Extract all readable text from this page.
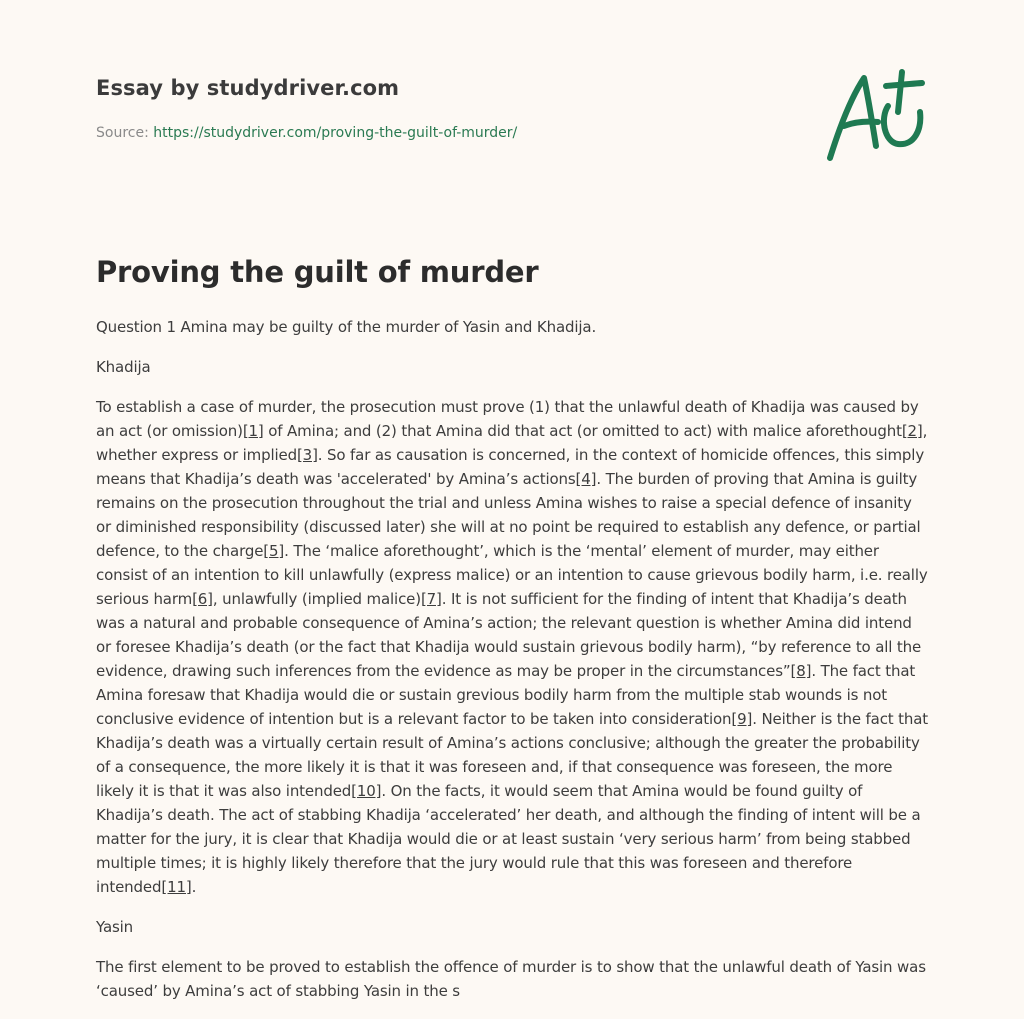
Essay by studydriver.com
Source: https://studydriver.com/proving-the-guilt-of-murder/
Proving the guilt of murder

Question 1 Amina may be guilty of the murder of Yasin and Khadija.

Khadija

To establish a case of murder, the prosecution must prove (1) that the unlawful death of Khadija was caused by an act (or omission)[1] of Amina; and (2) that Amina did that act (or omitted to act) with malice aforethought[2], whether express or implied[3]. So far as causation is concerned, in the context of homicide offences, this simply means that Khadija’s death was 'accelerated' by Amina’s actions[4]. The burden of proving that Amina is guilty remains on the prosecution throughout the trial and unless Amina wishes to raise a special defence of insanity or diminished responsibility (discussed later) she will at no point be required to establish any defence, or partial defence, to the charge[5]. The ‘malice aforethought’, which is the ‘mental’ element of murder, may either consist of an intention to kill unlawfully (express malice) or an intention to cause grievous bodily harm, i.e. really serious harm[6], unlawfully (implied malice)[7]. It is not sufficient for the finding of intent that Khadija’s death was a natural and probable consequence of Amina’s action; the relevant question is whether Amina did intend or foresee Khadija’s death (or the fact that Khadija would sustain grievous bodily harm), “by reference to all the evidence, drawing such inferences from the evidence as may be proper in the circumstances”[8]. The fact that Amina foresaw that Khadija would die or sustain grevious bodily harm from the multiple stab wounds is not conclusive evidence of intention but is a relevant factor to be taken into consideration[9]. Neither is the fact that Khadija’s death was a virtually certain result of Amina’s actions conclusive; although the greater the probability of a consequence, the more likely it is that it was foreseen and, if that consequence was foreseen, the more likely it is that it was also intended[10]. On the facts, it would seem that Amina would be found guilty of Khadija’s death. The act of stabbing Khadija ‘accelerated’ her death, and although the finding of intent will be a matter for the jury, it is clear that Khadija would die or at least sustain ‘very serious harm’ from being stabbed multiple times; it is highly likely therefore that the jury would rule that this was foreseen and therefore intended[11].

Yasin

The first element to be proved to establish the offence of murder is to show that the unlawful death of Yasin was ‘caused’ by Amina’s act of stabbing Yasin in the s
